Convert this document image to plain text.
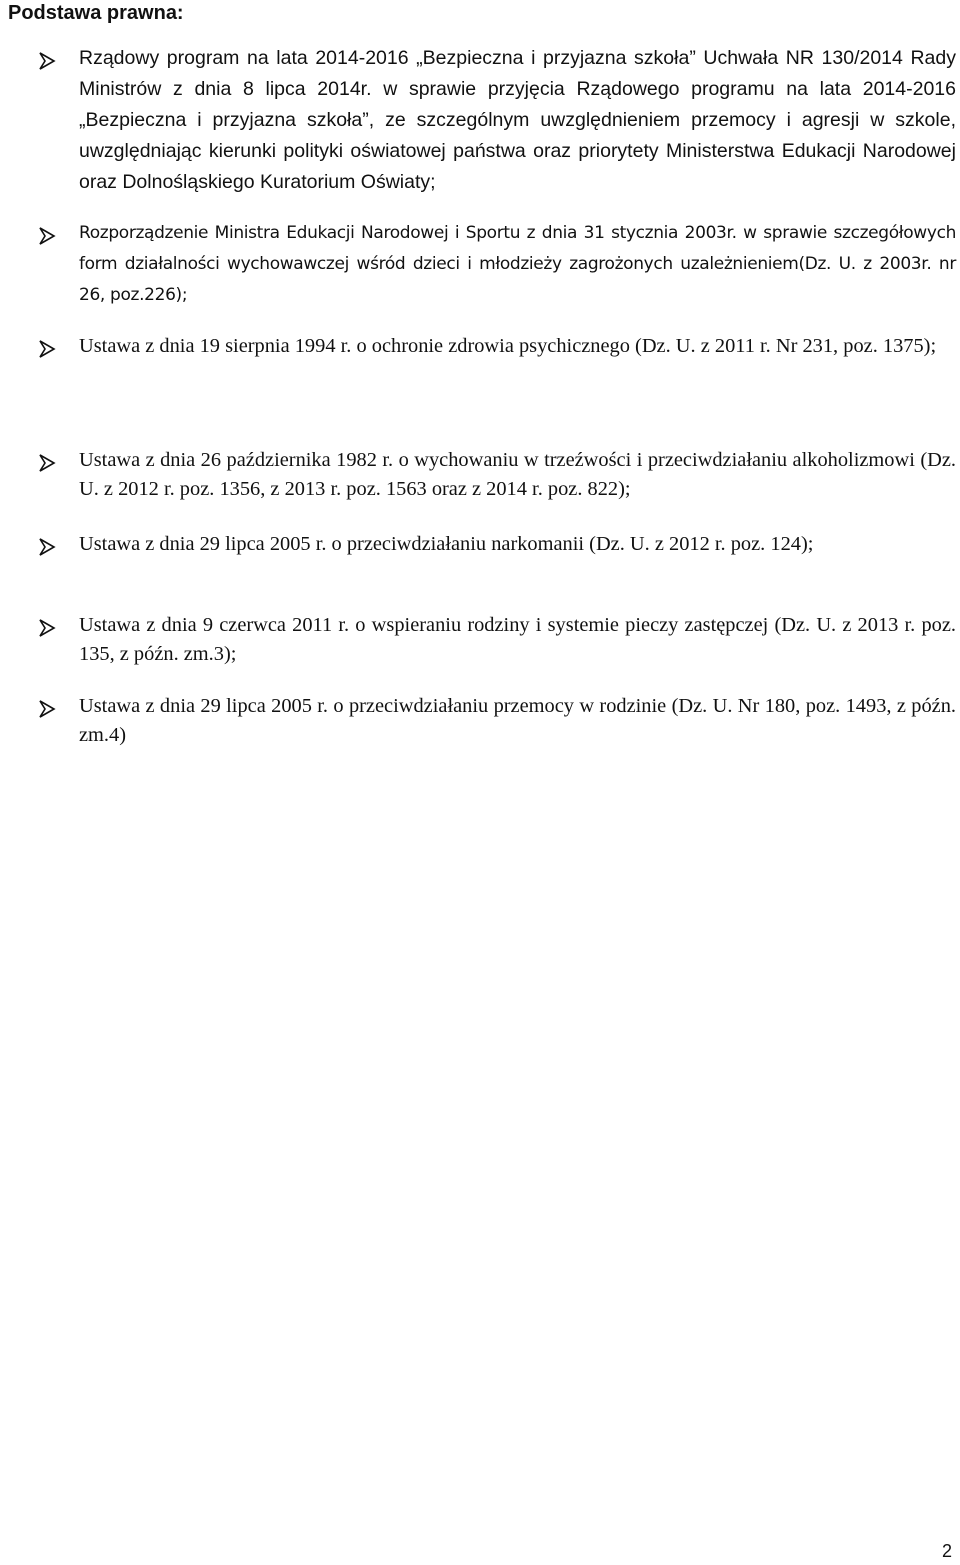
Podstawa prawna:

Rządowy program na lata 2014-2016 „Bezpieczna i przyjazna szkoła” Uchwała NR 130/2014 Rady Ministrów z dnia 8 lipca 2014r. w sprawie przyjęcia Rządowego programu na lata 2014-2016 „Bezpieczna i przyjazna szkoła”, ze szczególnym uwzględnieniem przemocy i agresji w szkole, uwzględniając kierunki polityki oświatowej państwa oraz priorytety Ministerstwa Edukacji Narodowej oraz Dolnośląskiego Kuratorium Oświaty;

Rozporządzenie Ministra Edukacji Narodowej i Sportu z dnia 31 stycznia 2003r. w sprawie szczegółowych form działalności wychowawczej wśród dzieci i młodzieży zagrożonych uzależnieniem(Dz. U. z 2003r. nr 26, poz.226);

Ustawa z dnia 19 sierpnia 1994 r. o ochronie zdrowia psychicznego (Dz. U. z 2011 r. Nr 231, poz. 1375);

Ustawa z dnia 26 października 1982 r. o wychowaniu w trzeźwości i przeciwdziałaniu alkoholizmowi (Dz. U. z 2012 r. poz. 1356, z 2013 r. poz. 1563 oraz z 2014 r. poz. 822);

Ustawa z dnia 29 lipca 2005 r. o przeciwdziałaniu narkomanii (Dz. U. z 2012 r. poz. 124);

Ustawa z dnia 9 czerwca 2011 r. o wspieraniu rodziny i systemie pieczy zastępczej (Dz. U. z 2013 r. poz. 135, z późn. zm.3);

Ustawa z dnia 29 lipca 2005 r. o przeciwdziałaniu przemocy w rodzinie (Dz. U. Nr 180, poz. 1493, z późn. zm.4)

2
